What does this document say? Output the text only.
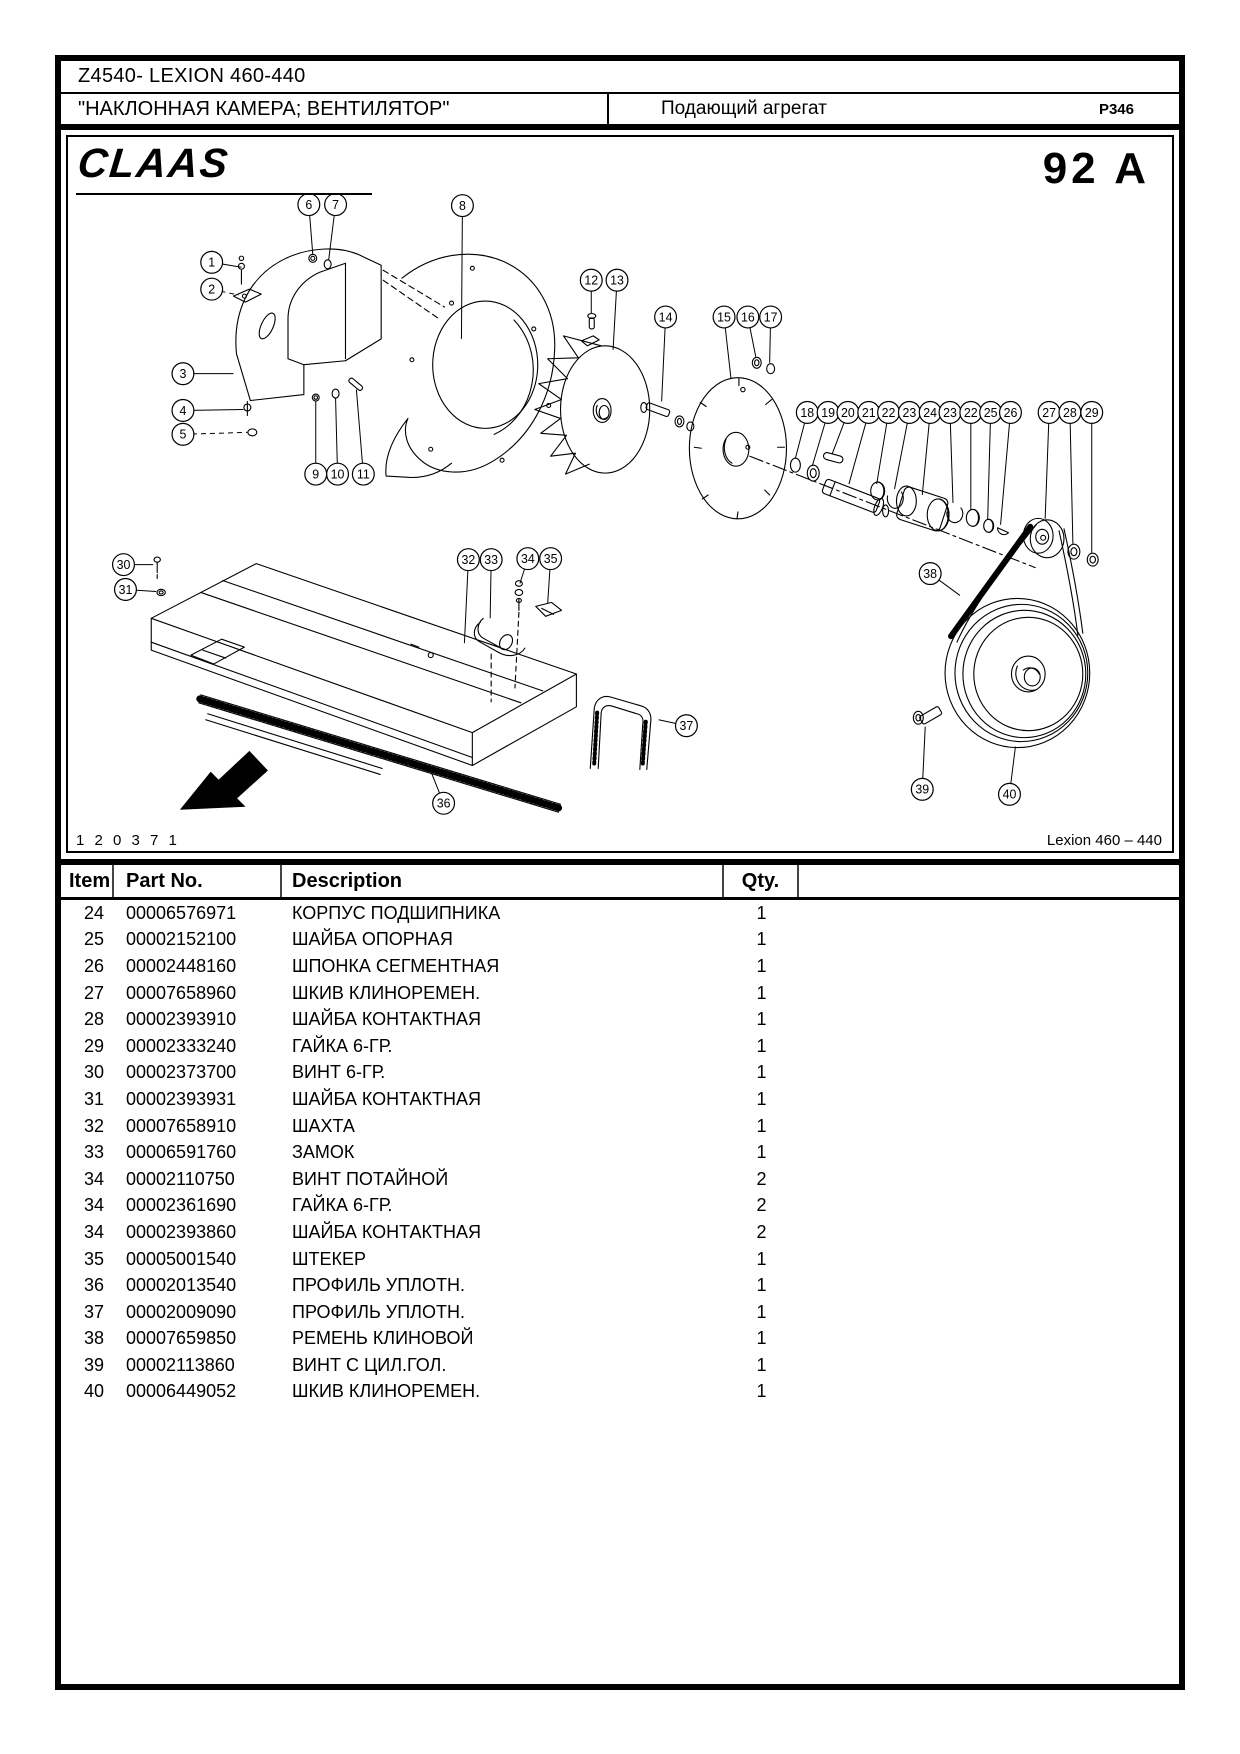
Z4540- LEXION 460-440
"НАКЛОННАЯ КАМЕРА; ВЕНТИЛЯТОР"	Подающий агрегат	P346
1
2
3
4
5
6 7	8
9 10 11
12 13
14	15 16 17
18 19 20 21 22 23 24 23 22 25 26 27 28 29
30
31
32 33 34 35
36
37
38
39	40
CLAAS	92 A
1 2 0 3 7 1	Lexion 460 – 440
Item Part No.	Description	Qty.
24	00006576971	КОРПУС ПОДШИПНИКА	1
25	00002152100	ШАЙБА ОПОРНАЯ	1
26	00002448160	ШПОНКА СЕГМЕНТНАЯ	1
27	00007658960	ШКИВ КЛИНОРЕМЕН.	1
28	00002393910	ШАЙБА КОНТАКТНАЯ	1
29	00002333240	ГАЙКА 6-ГР.	1
30	00002373700	ВИНТ 6-ГР.	1
31	00002393931	ШАЙБА КОНТАКТНАЯ	1
32	00007658910	ШАХТА	1
33	00006591760	ЗАМОК	1
34	00002110750	ВИНТ ПОТАЙНОЙ	2
34	00002361690	ГАЙКА 6-ГР.	2
34	00002393860	ШАЙБА КОНТАКТНАЯ	2
35	00005001540	ШТЕКЕР	1
36	00002013540	ПРОФИЛЬ УПЛОТН.	1
37	00002009090	ПРОФИЛЬ УПЛОТН.	1
38	00007659850	РЕМЕНЬ КЛИНОВОЙ	1
39	00002113860	ВИНТ С ЦИЛ.ГОЛ.	1
40	00006449052	ШКИВ КЛИНОРЕМЕН.	1
